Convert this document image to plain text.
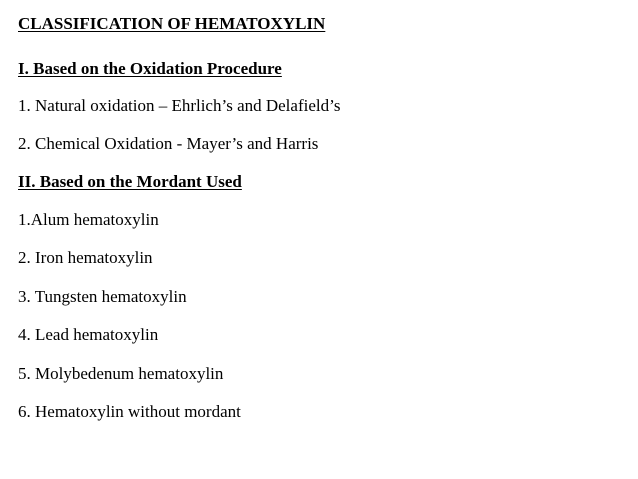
CLASSIFICATION OF HEMATOXYLIN
I. Based on the Oxidation Procedure
1. Natural oxidation – Ehrlich’s and Delafield’s
2. Chemical Oxidation - Mayer’s and Harris
II. Based on the Mordant Used
1.Alum hematoxylin
2. Iron hematoxylin
3. Tungsten hematoxylin
4. Lead hematoxylin
5. Molybedenum hematoxylin
6. Hematoxylin without mordant
